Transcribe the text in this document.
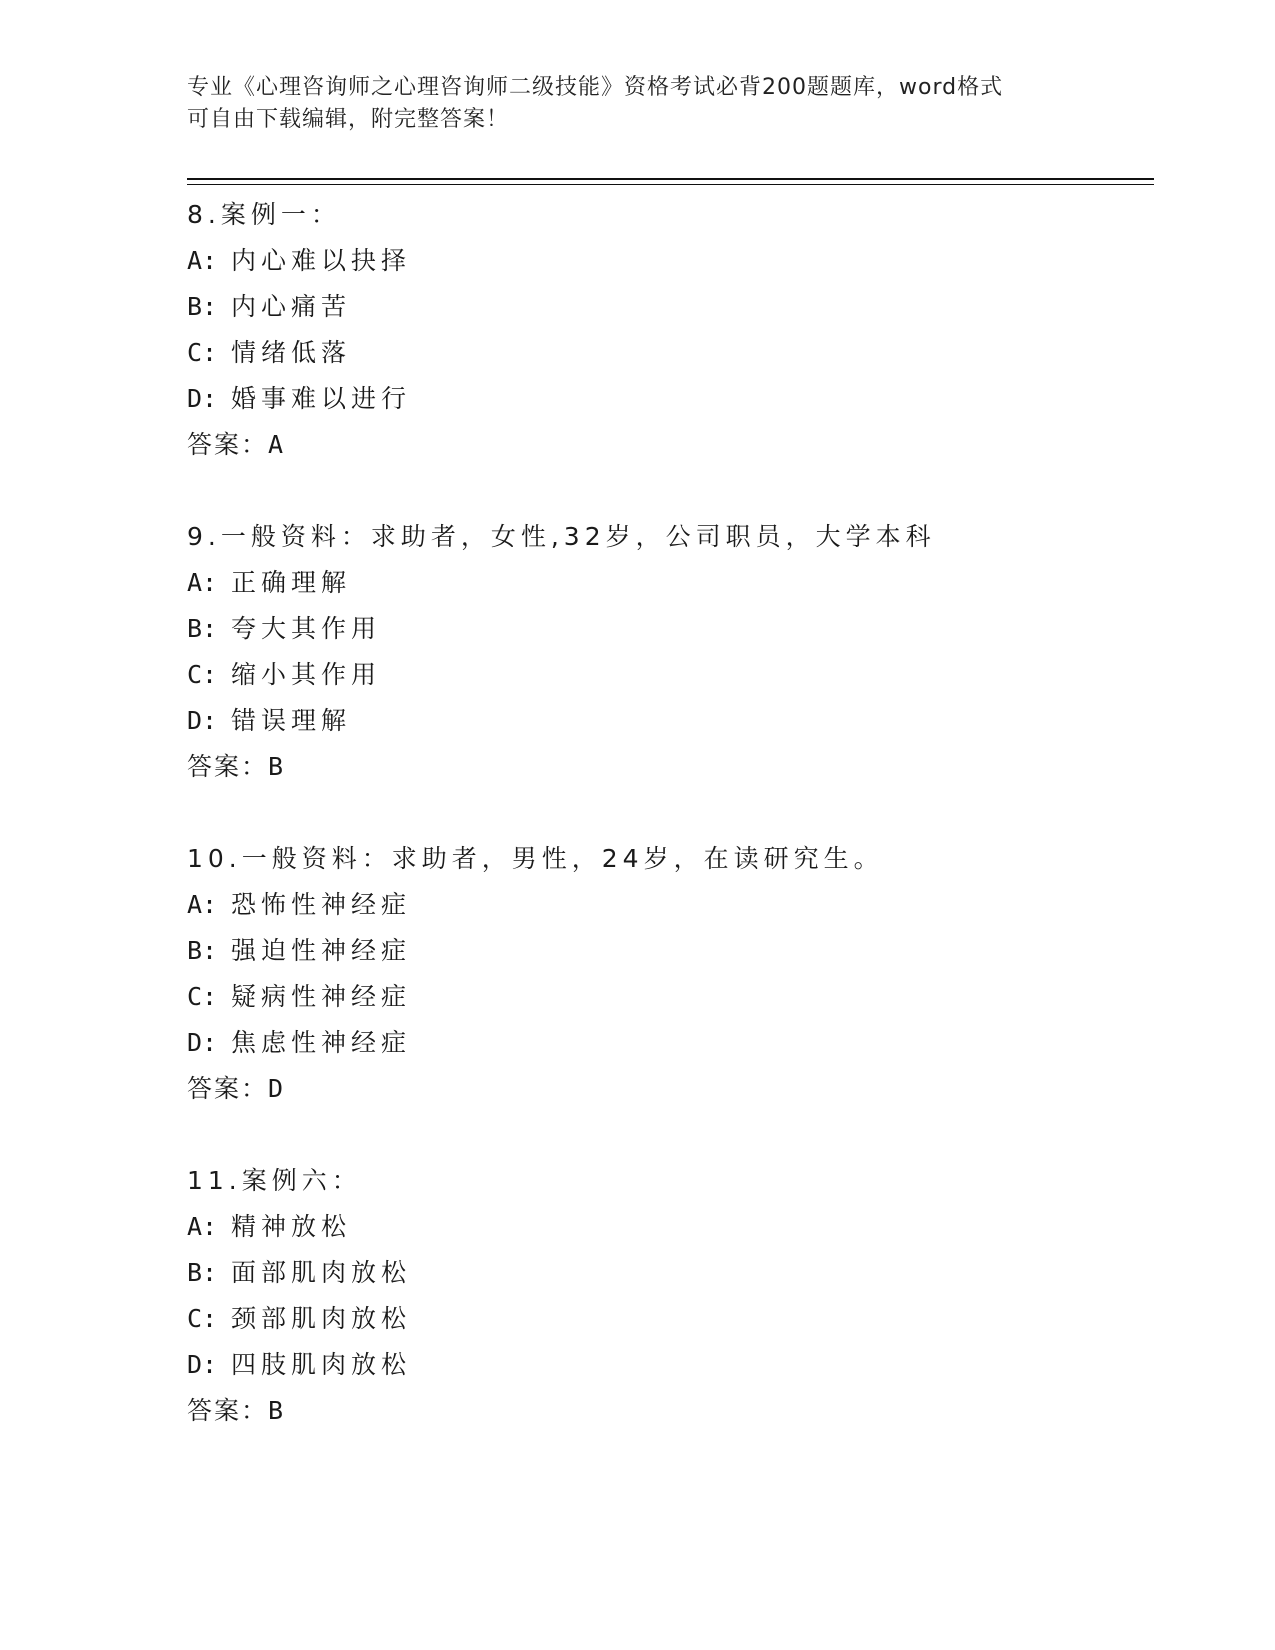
专业《心理咨询师之心理咨询师二级技能》资格考试必背200题题库，word格式

可自由下载编辑，附完整答案！

8.案例一：
A: 内心难以抉择
B: 内心痛苦
C: 情绪低落
D: 婚事难以进行
答案：A
9.一般资料：求助者，女性,32岁，公司职员，大学本科
A: 正确理解
B: 夸大其作用
C: 缩小其作用
D: 错误理解
答案：B
10.一般资料：求助者，男性，24岁，在读研究生。
A: 恐怖性神经症
B: 强迫性神经症
C: 疑病性神经症
D: 焦虑性神经症
答案：D
11.案例六：
A: 精神放松
B: 面部肌肉放松
C: 颈部肌肉放松
D: 四肢肌肉放松
答案：B
